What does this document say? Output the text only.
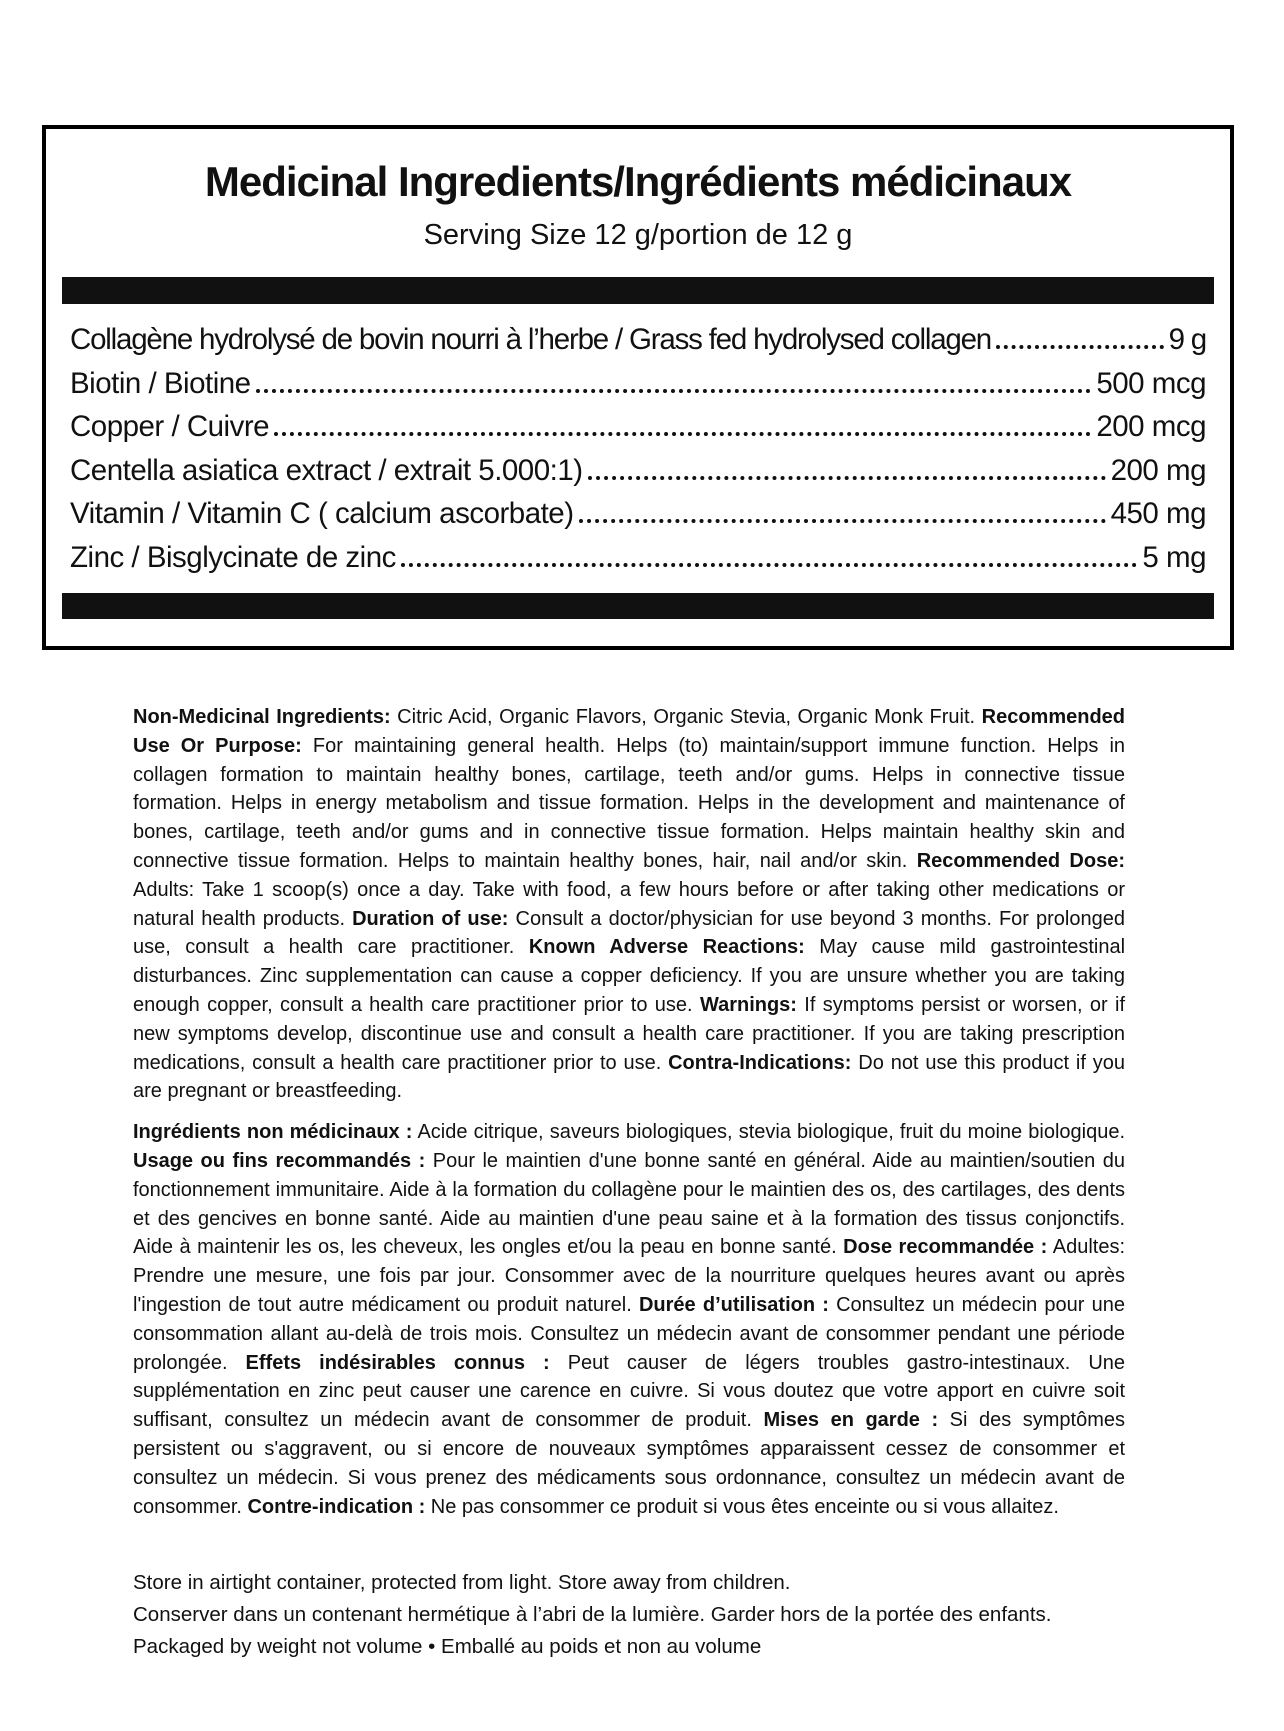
Medicinal Ingredients/Ingrédients médicinaux
Serving Size 12 g/portion de 12 g
Collagène hydrolysé de bovin nourri à l’herbe / Grass fed hydrolysed collagen	9 g
Biotin / Biotine	500 mcg
Copper / Cuivre	200 mcg
Centella asiatica extract / extrait 5.000:1)	200 mg
Vitamin / Vitamin C ( calcium ascorbate)	450 mg
Zinc / Bisglycinate de zinc	5 mg

Non-Medicinal Ingredients: Citric Acid, Organic Flavors, Organic Stevia, Organic Monk Fruit. Recommended Use Or Purpose: For maintaining general health. Helps (to) maintain/support immune function. Helps in collagen formation to maintain healthy bones, cartilage, teeth and/or gums. Helps in connective tissue formation. Helps in energy metabolism and tissue formation. Helps in the development and maintenance of bones, cartilage, teeth and/or gums and in connective tissue formation. Helps maintain healthy skin and connective tissue formation. Helps to maintain healthy bones, hair, nail and/or skin. Recommended Dose: Adults: Take 1 scoop(s) once a day. Take with food, a few hours before or after taking other medications or natural health products. Duration of use: Consult a doctor/physician for use beyond 3 months. For prolonged use, consult a health care practitioner. Known Adverse Reactions: May cause mild gastrointestinal disturbances. Zinc supplementation can cause a copper deficiency. If you are unsure whether you are taking enough copper, consult a health care practitioner prior to use. Warnings: If symptoms persist or worsen, or if new symptoms develop, discontinue use and consult a health care practitioner. If you are taking prescription medications, consult a health care practitioner prior to use. Contra-Indications: Do not use this product if you are pregnant or breastfeeding.

Ingrédients non médicinaux : Acide citrique, saveurs biologiques, stevia biologique, fruit du moine biologique. Usage ou fins recommandés : Pour le maintien d'une bonne santé en général. Aide au maintien/soutien du fonctionnement immunitaire. Aide à la formation du collagène pour le maintien des os, des cartilages, des dents et des gencives en bonne santé. Aide au maintien d'une peau saine et à la formation des tissus conjonctifs. Aide à maintenir les os, les cheveux, les ongles et/ou la peau en bonne santé. Dose recommandée : Adultes: Prendre une mesure, une fois par jour. Consommer avec de la nourriture quelques heures avant ou après l'ingestion de tout autre médicament ou produit naturel. Durée d’utilisation : Consultez un médecin pour une consommation allant au-delà de trois mois. Consultez un médecin avant de consommer pendant une période prolongée. Effets indésirables connus : Peut causer de légers troubles gastro-intestinaux. Une supplémentation en zinc peut causer une carence en cuivre. Si vous doutez que votre apport en cuivre soit suffisant, consultez un médecin avant de consommer de produit. Mises en garde : Si des symptômes persistent ou s'aggravent, ou si encore de nouveaux symptômes apparaissent cessez de consommer et consultez un médecin. Si vous prenez des médicaments sous ordonnance, consultez un médecin avant de consommer. Contre-indication : Ne pas consommer ce produit si vous êtes enceinte ou si vous allaitez.

Store in airtight container, protected from light. Store away from children.
Conserver dans un contenant hermétique à l’abri de la lumière. Garder hors de la portée des enfants.
Packaged by weight not volume • Emballé au poids et non au volume
